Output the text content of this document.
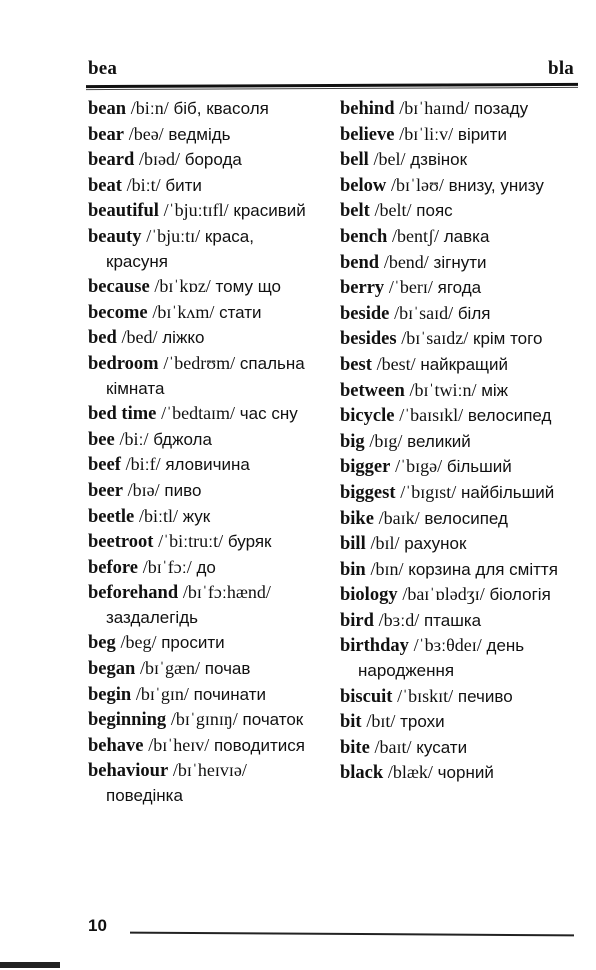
bea	bla
bean /biːn/ біб, квасоля
bear /beə/ ведмідь
beard /bɪəd/ борода
beat /biːt/ бити
beautiful /ˈbjuːtɪfl/ красивий
beauty /ˈbjuːtɪ/ краса, красуня
because /bɪˈkɒz/ тому що
become /bɪˈkʌm/ стати
bed /bed/ ліжко
bedroom /ˈbedrʊm/ спальна кімната
bed time /ˈbedtaɪm/ час сну
bee /biː/ бджола
beef /biːf/ яловичина
beer /bɪə/ пиво
beetle /biːtl/ жук
beetroot /ˈbiːtruːt/ буряк
before /bɪˈfɔː/ до
beforehand /bɪˈfɔːhænd/ заздалегідь
beg /beg/ просити
began /bɪˈgæn/ почав
begin /bɪˈgɪn/ починати
beginning /bɪˈgɪnɪŋ/ початок
behave /bɪˈheɪv/ поводитися
behaviour /bɪˈheɪvɪə/ поведінка
behind /bɪˈhaɪnd/ позаду
believe /bɪˈliːv/ вірити
bell /bel/ дзвінок
below /bɪˈləʊ/ внизу, унизу
belt /belt/ пояс
bench /bentʃ/ лавка
bend /bend/ зігнути
berry /ˈberɪ/ ягода
beside /bɪˈsaɪd/ біля
besides /bɪˈsaɪdz/ крім того
best /best/ найкращий
between /bɪˈtwiːn/ між
bicycle /ˈbaɪsɪkl/ велосипед
big /bɪg/ великий
bigger /ˈbɪgə/ більший
biggest /ˈbɪgɪst/ найбільший
bike /baɪk/ велосипед
bill /bɪl/ рахунок
bin /bɪn/ корзина для сміття
biology /baɪˈɒlədʒɪ/ біологія
bird /bɜːd/ пташка
birthday /ˈbɜːθdeɪ/ день народження
biscuit /ˈbɪskɪt/ печиво
bit /bɪt/ трохи
bite /baɪt/ кусати
black /blæk/ чорний
10
